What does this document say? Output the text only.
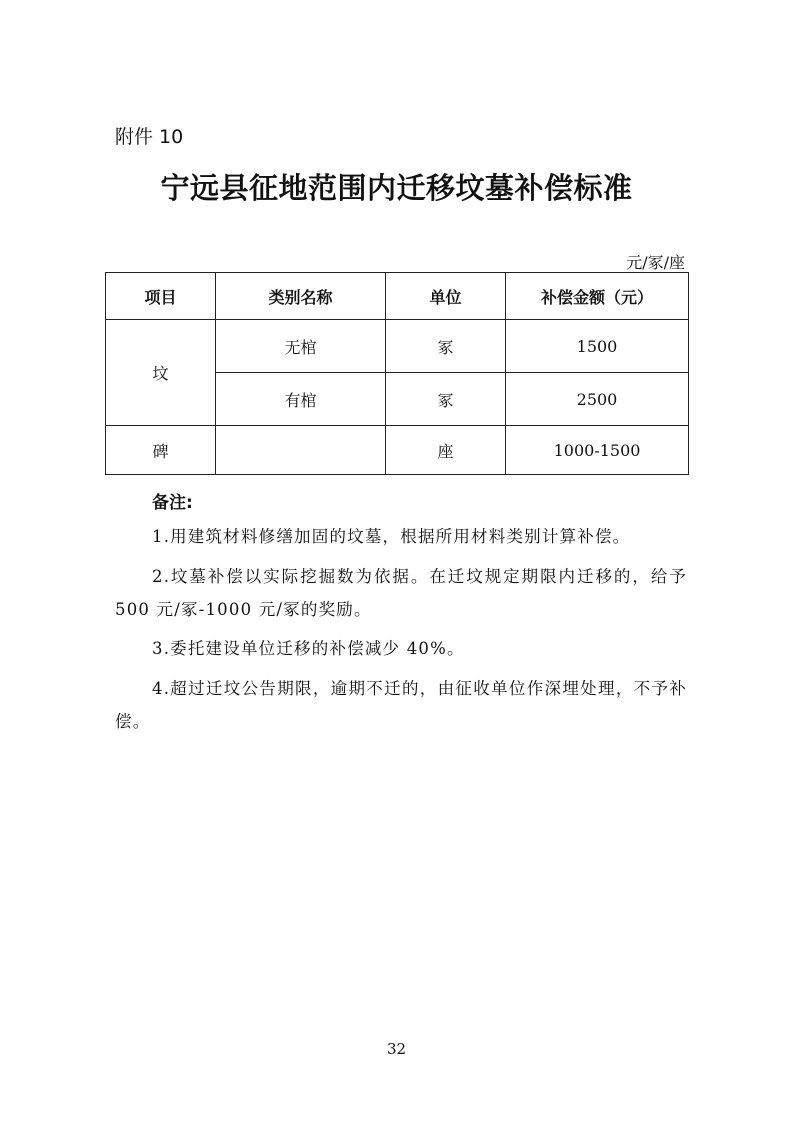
附件 10
宁远县征地范围内迁移坟墓补偿标准
元/冢/座
项目	类别名称	单位	补偿金额（元）
坟	无棺	冢	1500
	有棺	冢	2500
碑		座	1000-1500
备注:
1.用建筑材料修缮加固的坟墓，根据所用材料类别计算补偿。
2.坟墓补偿以实际挖掘数为依据。在迁坟规定期限内迁移的，给予 500 元/冢-1000 元/冢的奖励。
3.委托建设单位迁移的补偿减少 40%。
4.超过迁坟公告期限，逾期不迁的，由征收单位作深埋处理，不予补偿。
32
